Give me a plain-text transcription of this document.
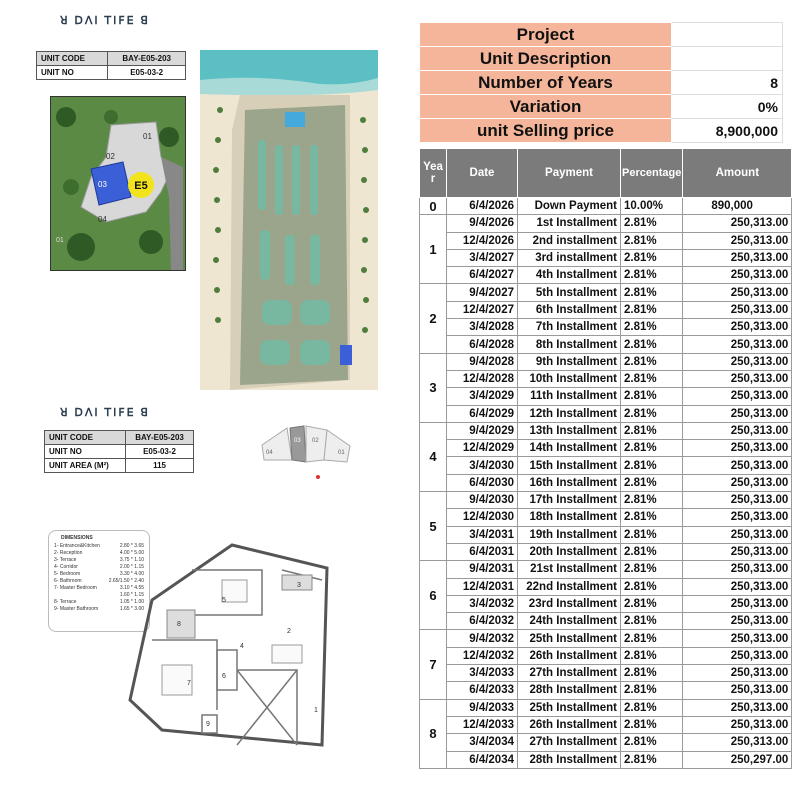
ꓤ ꓓꓥꓲ ꓔꓲꓝꓰ ꓭ
UNIT CODE	BAY-E05-203
UNIT NO	E05-03-2
E5
01
02
03
04
01
ꓤ ꓓꓥꓲ ꓔꓲꓝꓰ ꓭ
UNIT CODE	BAY-E05-203
UNIT NO	E05-03-2
UNIT AREA (M²)	115
04
03 02
01
DIMENSIONS
1- Entrance&Kitchen	2.80 * 3.65
2- Reception	4.00 * 5.00
3- Terrace	3.75 * 1.10
4- Corridor	2.00 * 1.15
5- Bedroom	3.30 * 4.00
6- Bathroom	2.65/1.50 * 2.40
7- Master Bedroom	3.10 * 4.55
1.60 * 1.15
8- Terrace	1.05 * 1.00
9- Master Bathroom	1.65 * 3.00
1
2
3
4
5
6
7
8
9
Project	
Unit Description	
Number of Years	8
Variation	0%
unit Selling price	8,900,000
Year	Date	Payment	Percentage	Amount
0	6/4/2026	Down Payment	10.00%	890,000
1	9/4/2026	1st Installment	2.81%	250,313.00
	12/4/2026	2nd installment	2.81%	250,313.00
	3/4/2027	3rd installment	2.81%	250,313.00
	6/4/2027	4th Installment	2.81%	250,313.00
2	9/4/2027	5th Installment	2.81%	250,313.00
	12/4/2027	6th Installment	2.81%	250,313.00
	3/4/2028	7th Installment	2.81%	250,313.00
	6/4/2028	8th Installment	2.81%	250,313.00
3	9/4/2028	9th Installment	2.81%	250,313.00
	12/4/2028	10th Installment	2.81%	250,313.00
	3/4/2029	11th Installment	2.81%	250,313.00
	6/4/2029	12th Installment	2.81%	250,313.00
4	9/4/2029	13th Installment	2.81%	250,313.00
	12/4/2029	14th Installment	2.81%	250,313.00
	3/4/2030	15th Installment	2.81%	250,313.00
	6/4/2030	16th Installment	2.81%	250,313.00
5	9/4/2030	17th Installment	2.81%	250,313.00
	12/4/2030	18th Installment	2.81%	250,313.00
	3/4/2031	19th Installment	2.81%	250,313.00
	6/4/2031	20th Installment	2.81%	250,313.00
6	9/4/2031	21st Installment	2.81%	250,313.00
	12/4/2031	22nd Installment	2.81%	250,313.00
	3/4/2032	23rd Installment	2.81%	250,313.00
	6/4/2032	24th Installment	2.81%	250,313.00
7	9/4/2032	25th Installment	2.81%	250,313.00
	12/4/2032	26th Installment	2.81%	250,313.00
	3/4/2033	27th Installment	2.81%	250,313.00
	6/4/2033	28th Installment	2.81%	250,313.00
8	9/4/2033	25th Installment	2.81%	250,313.00
	12/4/2033	26th Installment	2.81%	250,313.00
	3/4/2034	27th Installment	2.81%	250,313.00
	6/4/2034	28th Installment	2.81%	250,297.00
